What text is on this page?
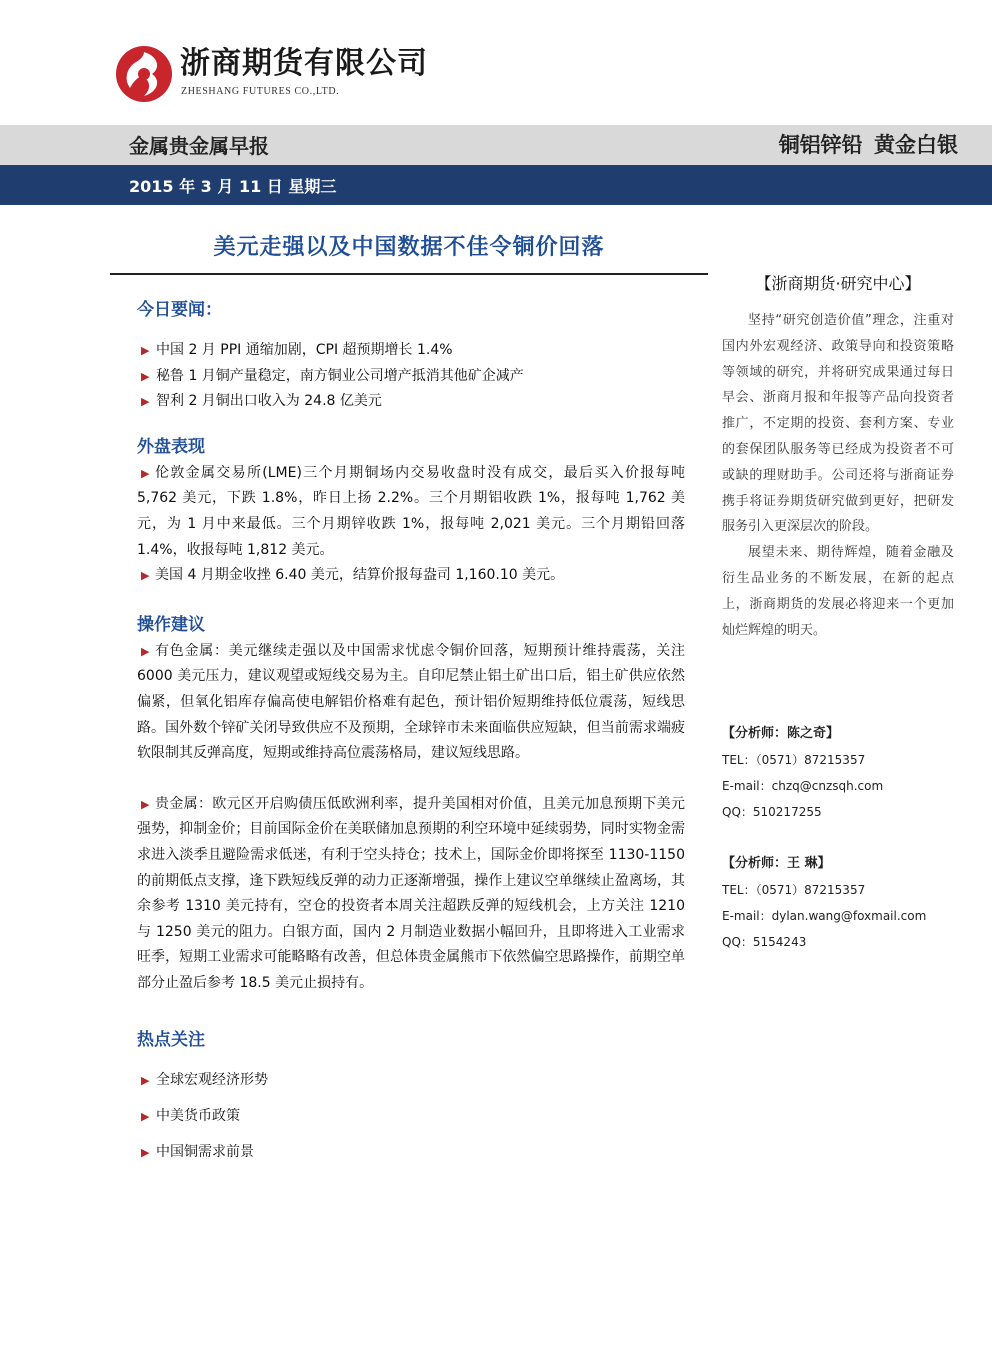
浙商期货有限公司
ZHESHANG FUTURES CO.,LTD.
金属贵金属早报	铜铝锌铅 黄金白银
2015 年 3 月 11 日 星期三
美元走强以及中国数据不佳令铜价回落
今日要闻：
▶ 中国 2 月 PPI 通缩加剧，CPI 超预期增长 1.4%
▶ 秘鲁 1 月铜产量稳定，南方铜业公司增产抵消其他矿企减产
▶ 智利 2 月铜出口收入为 24.8 亿美元
外盘表现
▶ 伦敦金属交易所(LME)三个月期铜场内交易收盘时没有成交，最后买入价报每吨 5,762 美元，下跌 1.8%，昨日上扬 2.2%。三个月期铝收跌 1%，报每吨 1,762 美元，为 1 月中来最低。三个月期锌收跌 1%，报每吨 2,021 美元。三个月期铅回落 1.4%，收报每吨 1,812 美元。
▶ 美国 4 月期金收挫 6.40 美元，结算价报每盎司 1,160.10 美元。
操作建议
▶ 有色金属：美元继续走强以及中国需求忧虑令铜价回落，短期预计维持震荡，关注 6000 美元压力，建议观望或短线交易为主。自印尼禁止铝土矿出口后，铝土矿供应依然偏紧，但氧化铝库存偏高使电解铝价格难有起色，预计铝价短期维持低位震荡，短线思路。国外数个锌矿关闭导致供应不及预期，全球锌市未来面临供应短缺，但当前需求端疲软限制其反弹高度，短期或维持高位震荡格局，建议短线思路。
▶ 贵金属：欧元区开启购债压低欧洲利率，提升美国相对价值，且美元加息预期下美元强势，抑制金价；目前国际金价在美联储加息预期的利空环境中延续弱势，同时实物金需求进入淡季且避险需求低迷，有利于空头持仓；技术上，国际金价即将探至 1130-1150 的前期低点支撑，逢下跌短线反弹的动力正逐渐增强，操作上建议空单继续止盈离场，其余参考 1310 美元持有，空仓的投资者本周关注超跌反弹的短线机会，上方关注 1210 与 1250 美元的阻力。白银方面，国内 2 月制造业数据小幅回升，且即将进入工业需求旺季，短期工业需求可能略略有改善，但总体贵金属熊市下依然偏空思路操作，前期空单部分止盈后参考 18.5 美元止损持有。
热点关注
▶ 全球宏观经济形势
▶ 中美货币政策
▶ 中国铜需求前景
【浙商期货·研究中心】
坚持“研究创造价值”理念，注重对国内外宏观经济、政策导向和投资策略等领域的研究，并将研究成果通过每日早会、浙商月报和年报等产品向投资者推广，不定期的投资、套利方案、专业的套保团队服务等已经成为投资者不可或缺的理财助手。公司还将与浙商证券携手将证券期货研究做到更好，把研发服务引入更深层次的阶段。
展望未来、期待辉煌，随着金融及衍生品业务的不断发展，在新的起点上，浙商期货的发展必将迎来一个更加灿烂辉煌的明天。
【分析师：陈之奇】
TEL：（0571）87215357
E-mail：chzq@cnzsqh.com
QQ：510217255
【分析师：王 琳】
TEL：（0571）87215357
E-mail：dylan.wang@foxmail.com
QQ：5154243
